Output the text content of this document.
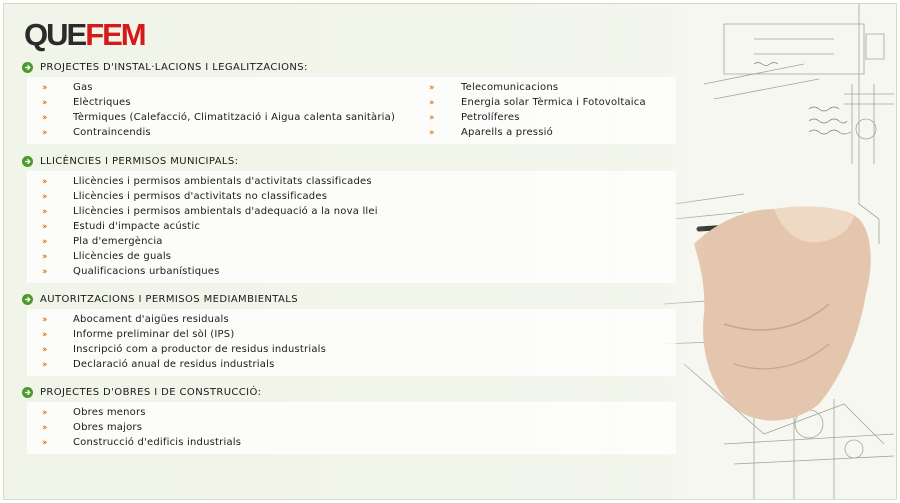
QUEFEM
PROJECTES D'INSTAL·LACIONS I LEGALITZACIONS:
››	Gas
››	Elèctriques
››	Tèrmiques (Calefacció, Climatització i Aigua calenta sanitària)
››	Contraincendis
››	Telecomunicacions
››	Energia solar Tèrmica i Fotovoltaica
››	Petrolíferes
››	Aparells a pressió
LLICÈNCIES I PERMISOS MUNICIPALS:
››	Llicències i permisos ambientals d'activitats classificades
››	Llicències i permisos d'activitats no classificades
››	Llicències i permisos ambientals d'adequació a la nova llei
››	Estudi d'impacte acústic
››	Pla d'emergència
››	Llicències de guals
››	Qualificacions urbanístiques
AUTORITZACIONS I PERMISOS MEDIAMBIENTALS
››	Abocament d'aigües residuals
››	Informe preliminar del sòl (IPS)
››	Inscripció com a productor de residus industrials
››	Declaració anual de residus industrials
PROJECTES D'OBRES I DE CONSTRUCCIÓ:
››	Obres menors
››	Obres majors
››	Construcció d'edificis industrials
